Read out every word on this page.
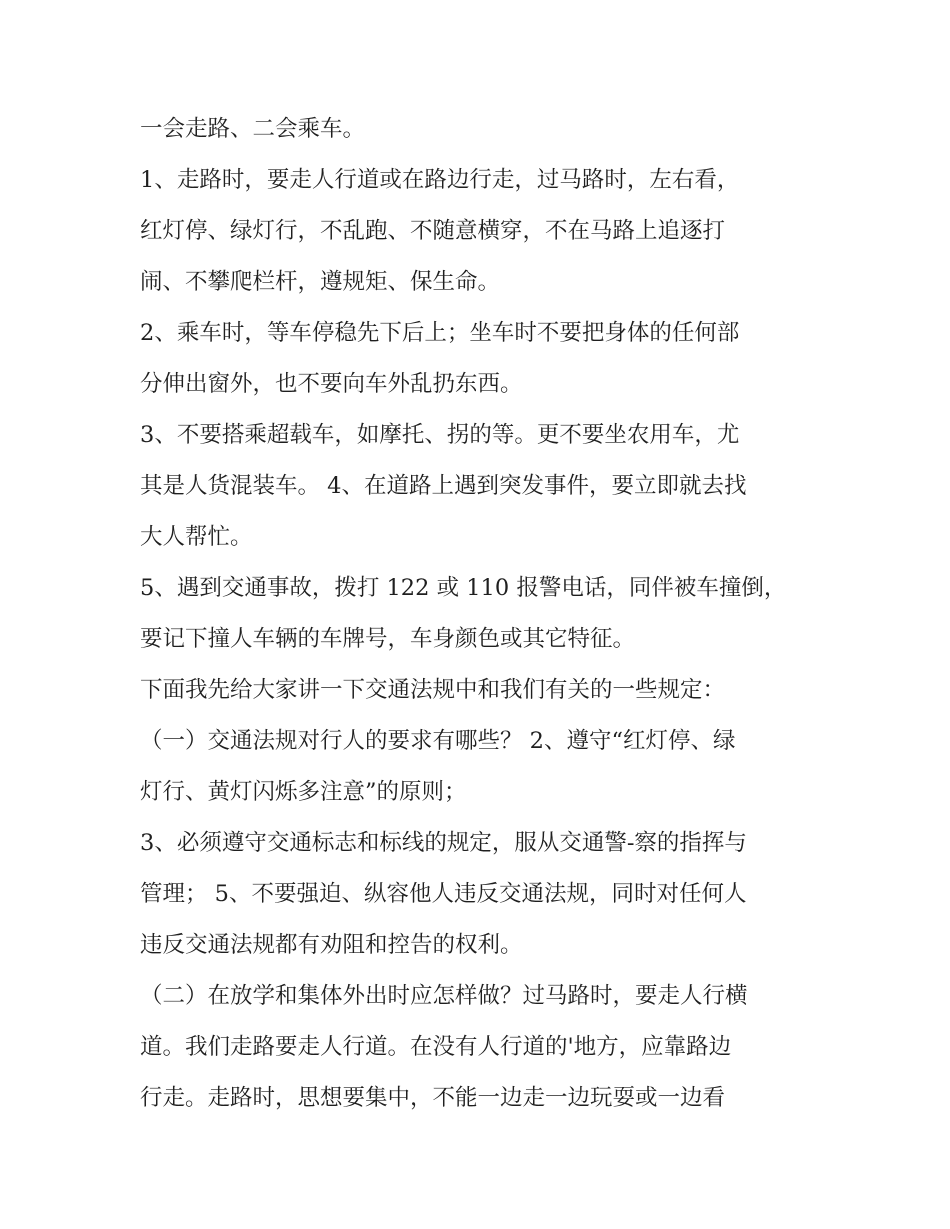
一会走路、二会乘车。
1、走路时，要走人行道或在路边行走，过马路时，左右看，
红灯停、绿灯行，不乱跑、不随意横穿，不在马路上追逐打
闹、不攀爬栏杆，遵规矩、保生命。
2、乘车时，等车停稳先下后上；坐车时不要把身体的任何部
分伸出窗外，也不要向车外乱扔东西。
3、不要搭乘超载车，如摩托、拐的等。更不要坐农用车，尤
其是人货混装车。 4、在道路上遇到突发事件，要立即就去找
大人帮忙。
5、遇到交通事故，拨打 122 或 110 报警电话，同伴被车撞倒，
要记下撞人车辆的车牌号，车身颜色或其它特征。
下面我先给大家讲一下交通法规中和我们有关的一些规定：
（一）交通法规对行人的要求有哪些？ 2、遵守“红灯停、绿
灯行、黄灯闪烁多注意”的原则；
3、必须遵守交通标志和标线的规定，服从交通警-察的指挥与
管理； 5、不要强迫、纵容他人违反交通法规，同时对任何人
违反交通法规都有劝阻和控告的权利。
（二）在放学和集体外出时应怎样做？过马路时，要走人行横
道。我们走路要走人行道。在没有人行道的'地方，应靠路边
行走。走路时，思想要集中，不能一边走一边玩耍或一边看
